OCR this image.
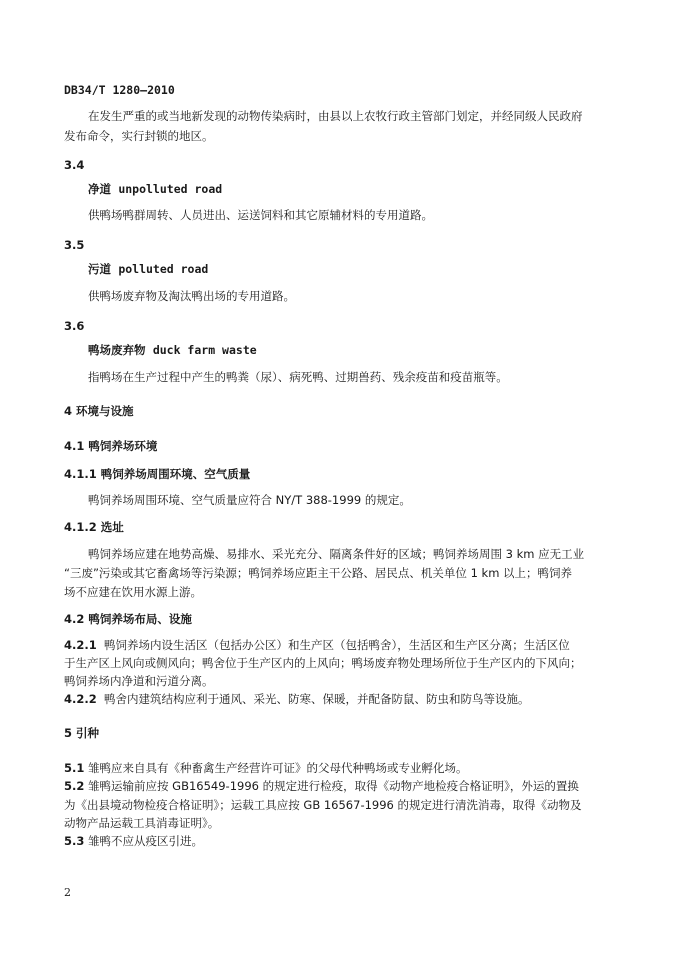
DB34/T 1280—2010
在发生严重的或当地新发现的动物传染病时，由县以上农牧行政主管部门划定，并经同级人民政府
发布命令，实行封锁的地区。
3.4
净道 unpolluted road
供鸭场鸭群周转、人员进出、运送饲料和其它原辅材料的专用道路。
3.5
污道 polluted road
供鸭场废弃物及淘汰鸭出场的专用道路。
3.6
鸭场废弃物 duck farm waste
指鸭场在生产过程中产生的鸭粪（尿）、病死鸭、过期兽药、残余疫苗和疫苗瓶等。
4 环境与设施
4.1 鸭饲养场环境
4.1.1 鸭饲养场周围环境、空气质量
鸭饲养场周围环境、空气质量应符合 NY/T 388-1999 的规定。
4.1.2 选址
鸭饲养场应建在地势高燥、易排水、采光充分、隔离条件好的区域；鸭饲养场周围 3 km 应无工业
“三废”污染或其它畜禽场等污染源；鸭饲养场应距主干公路、居民点、机关单位 1 km 以上；鸭饲养
场不应建在饮用水源上游。
4.2 鸭饲养场布局、设施
4.2.1 鸭饲养场内设生活区（包括办公区）和生产区（包括鸭舍），生活区和生产区分离；生活区位
于生产区上风向或侧风向；鸭舍位于生产区内的上风向；鸭场废弃物处理场所位于生产区内的下风向；
鸭饲养场内净道和污道分离。
4.2.2 鸭舍内建筑结构应利于通风、采光、防寒、保暖，并配备防鼠、防虫和防鸟等设施。
5 引种
5.1 雏鸭应来自具有《种畜禽生产经营许可证》的父母代种鸭场或专业孵化场。
5.2 雏鸭运输前应按 GB16549-1996 的规定进行检疫，取得《动物产地检疫合格证明》，外运的置换
为《出县境动物检疫合格证明》；运载工具应按 GB 16567-1996 的规定进行清洗消毒，取得《动物及
动物产品运载工具消毒证明》。
5.3 雏鸭不应从疫区引进。
2
